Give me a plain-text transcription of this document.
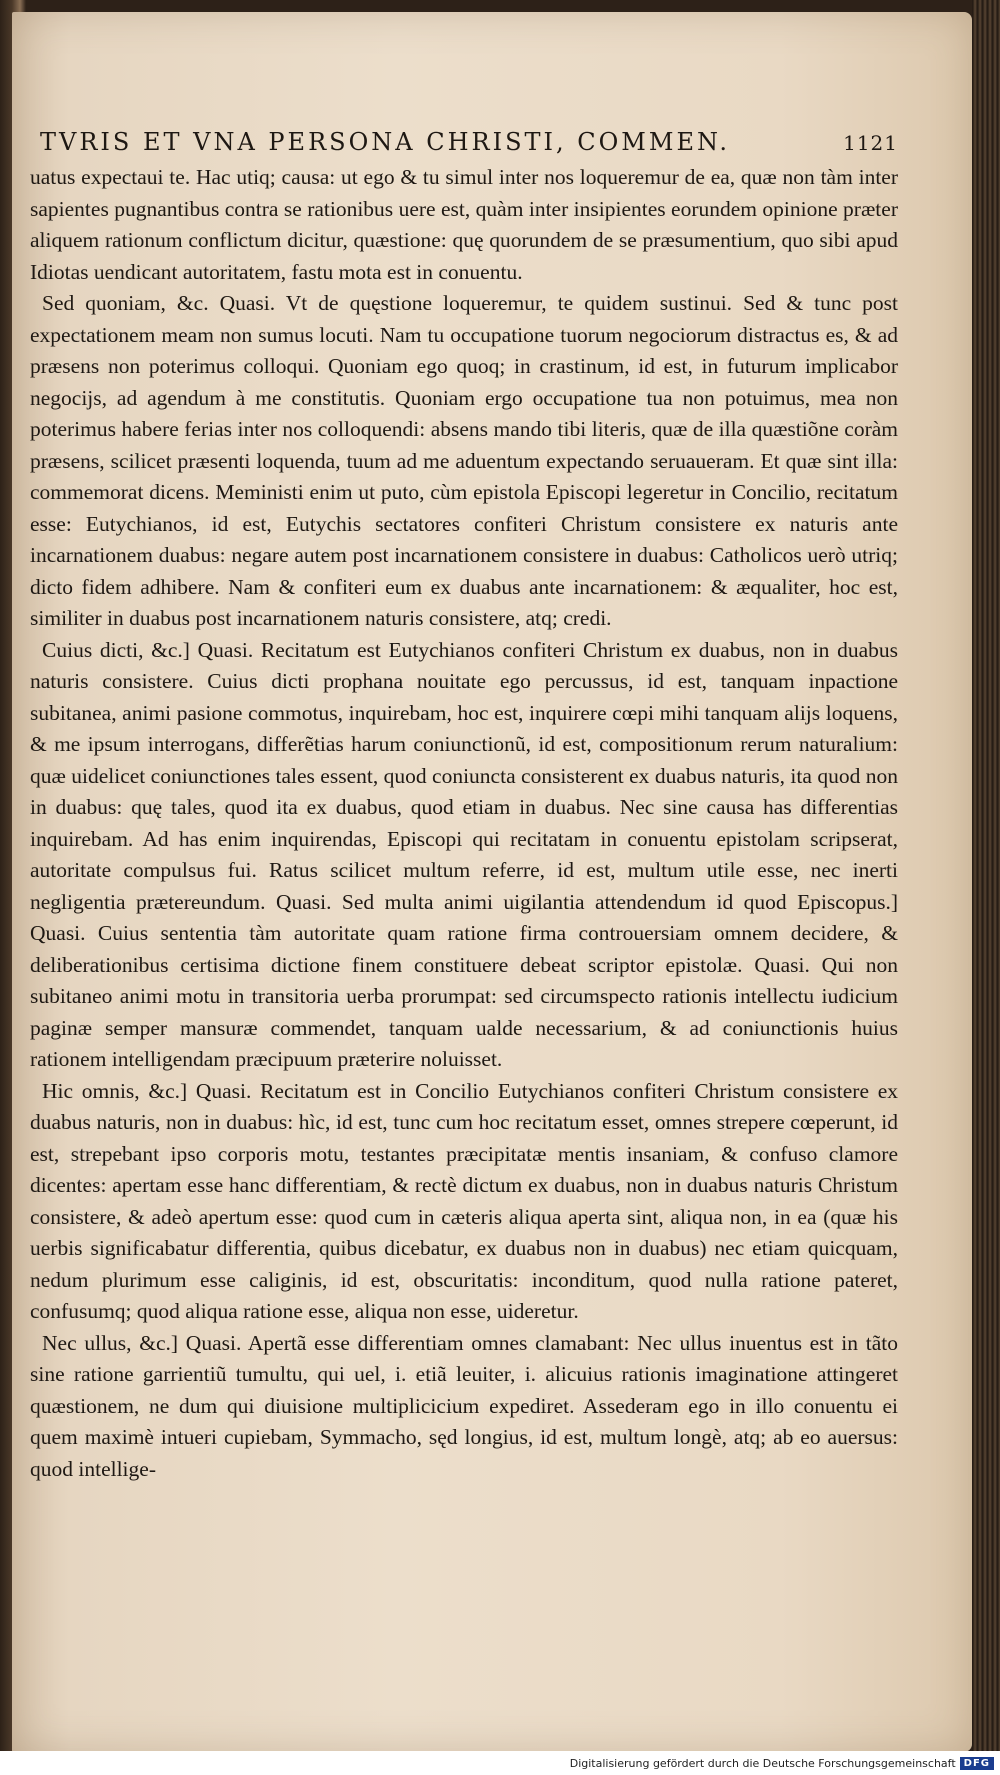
TVRIS ET VNA PERSONA CHRISTI, COMMEN.	1121

uatus expectaui te. Hac utiq; causa: ut ego & tu simul inter nos loqueremur de ea, quæ non tàm inter sapientes pugnantibus contra se rationibus uere est, quàm inter insipientes eorundem opinione præter aliquem rationum conflictum dicitur, quæstione: quę quorundem de se præsumentium, quo sibi apud Idiotas uendicant autoritatem, fastu mota est in conuentu.

Sed quoniam, &c. Quasi. Vt de quęstione loqueremur, te quidem sustinui. Sed & tunc post expectationem meam non sumus locuti. Nam tu occupatione tuorum negociorum distractus es, & ad præsens non poterimus colloqui. Quoniam ego quoq; in crastinum, id est, in futurum implicabor negocijs, ad agendum à me constitutis. Quoniam ergo occupatione tua non potuimus, mea non poterimus habere ferias inter nos colloquendi: absens mando tibi literis, quæ de illa quæstiõne coràm præsens, scilicet præsenti loquenda, tuum ad me aduentum expectando seruaueram. Et quæ sint illa: commemorat dicens. Meministi enim ut puto, cùm epistola Episcopi legeretur in Concilio, recitatum esse: Eutychianos, id est, Eutychis sectatores confiteri Christum consistere ex naturis ante incarnationem duabus: negare autem post incarnationem consistere in duabus: Catholicos uerò utriq; dicto fidem adhibere. Nam & confiteri eum ex duabus ante incarnationem: & æqualiter, hoc est, similiter in duabus post incarnationem naturis consistere, atq; credi.

Cuius dicti, &c.] Quasi. Recitatum est Eutychianos confiteri Christum ex duabus, non in duabus naturis consistere. Cuius dicti prophana nouitate ego percussus, id est, tanquam inpactione subitanea, animi pasione commotus, inquirebam, hoc est, inquirere cœpi mihi tanquam alijs loquens, & me ipsum interrogans, differẽtias harum coniunctionũ, id est, compositionum rerum naturalium: quæ uidelicet coniunctiones tales essent, quod coniuncta consisterent ex duabus naturis, ita quod non in duabus: quę tales, quod ita ex duabus, quod etiam in duabus. Nec sine causa has differentias inquirebam. Ad has enim inquirendas, Episcopi qui recitatam in conuentu epistolam scripserat, autoritate compulsus fui. Ratus scilicet multum referre, id est, multum utile esse, nec inerti negligentia prætereundum. Quasi. Sed multa animi uigilantia attendendum id quod Episcopus.] Quasi. Cuius sententia tàm autoritate quam ratione firma controuersiam omnem decidere, & deliberationibus certisima dictione finem constituere debeat scriptor epistolæ. Quasi. Qui non subitaneo animi motu in transitoria uerba prorumpat: sed circumspecto rationis intellectu iudicium paginæ semper mansuræ commendet, tanquam ualde necessarium, & ad coniunctionis huius rationem intelligendam præcipuum præterire noluisset.

Hic omnis, &c.] Quasi. Recitatum est in Concilio Eutychianos confiteri Christum consistere ex duabus naturis, non in duabus: hìc, id est, tunc cum hoc recitatum esset, omnes strepere cœperunt, id est, strepebant ipso corporis motu, testantes præcipitatæ mentis insaniam, & confuso clamore dicentes: apertam esse hanc differentiam, & rectè dictum ex duabus, non in duabus naturis Christum consistere, & adeò apertum esse: quod cum in cæteris aliqua aperta sint, aliqua non, in ea (quæ his uerbis significabatur differentia, quibus dicebatur, ex duabus non in duabus) nec etiam quicquam, nedum plurimum esse caliginis, id est, obscuritatis: inconditum, quod nulla ratione pateret, confusumq; quod aliqua ratione esse, aliqua non esse, uideretur.

Nec ullus, &c.] Quasi. Apertã esse differentiam omnes clamabant: Nec ullus inuentus est in tãto sine ratione garrientiũ tumultu, qui uel, i. etiã leuiter, i. alicuius rationis imaginatione attingeret quæstionem, ne dum qui diuisione multiplicicium expediret. Assederam ego in illo conuentu ei quem maximè intueri cupiebam, Symmacho, sęd longius, id est, multum longè, atq; ab eo auersus: quod intellige-

Digitalisierung gefördert durch die Deutsche Forschungsgemeinschaft DFG
